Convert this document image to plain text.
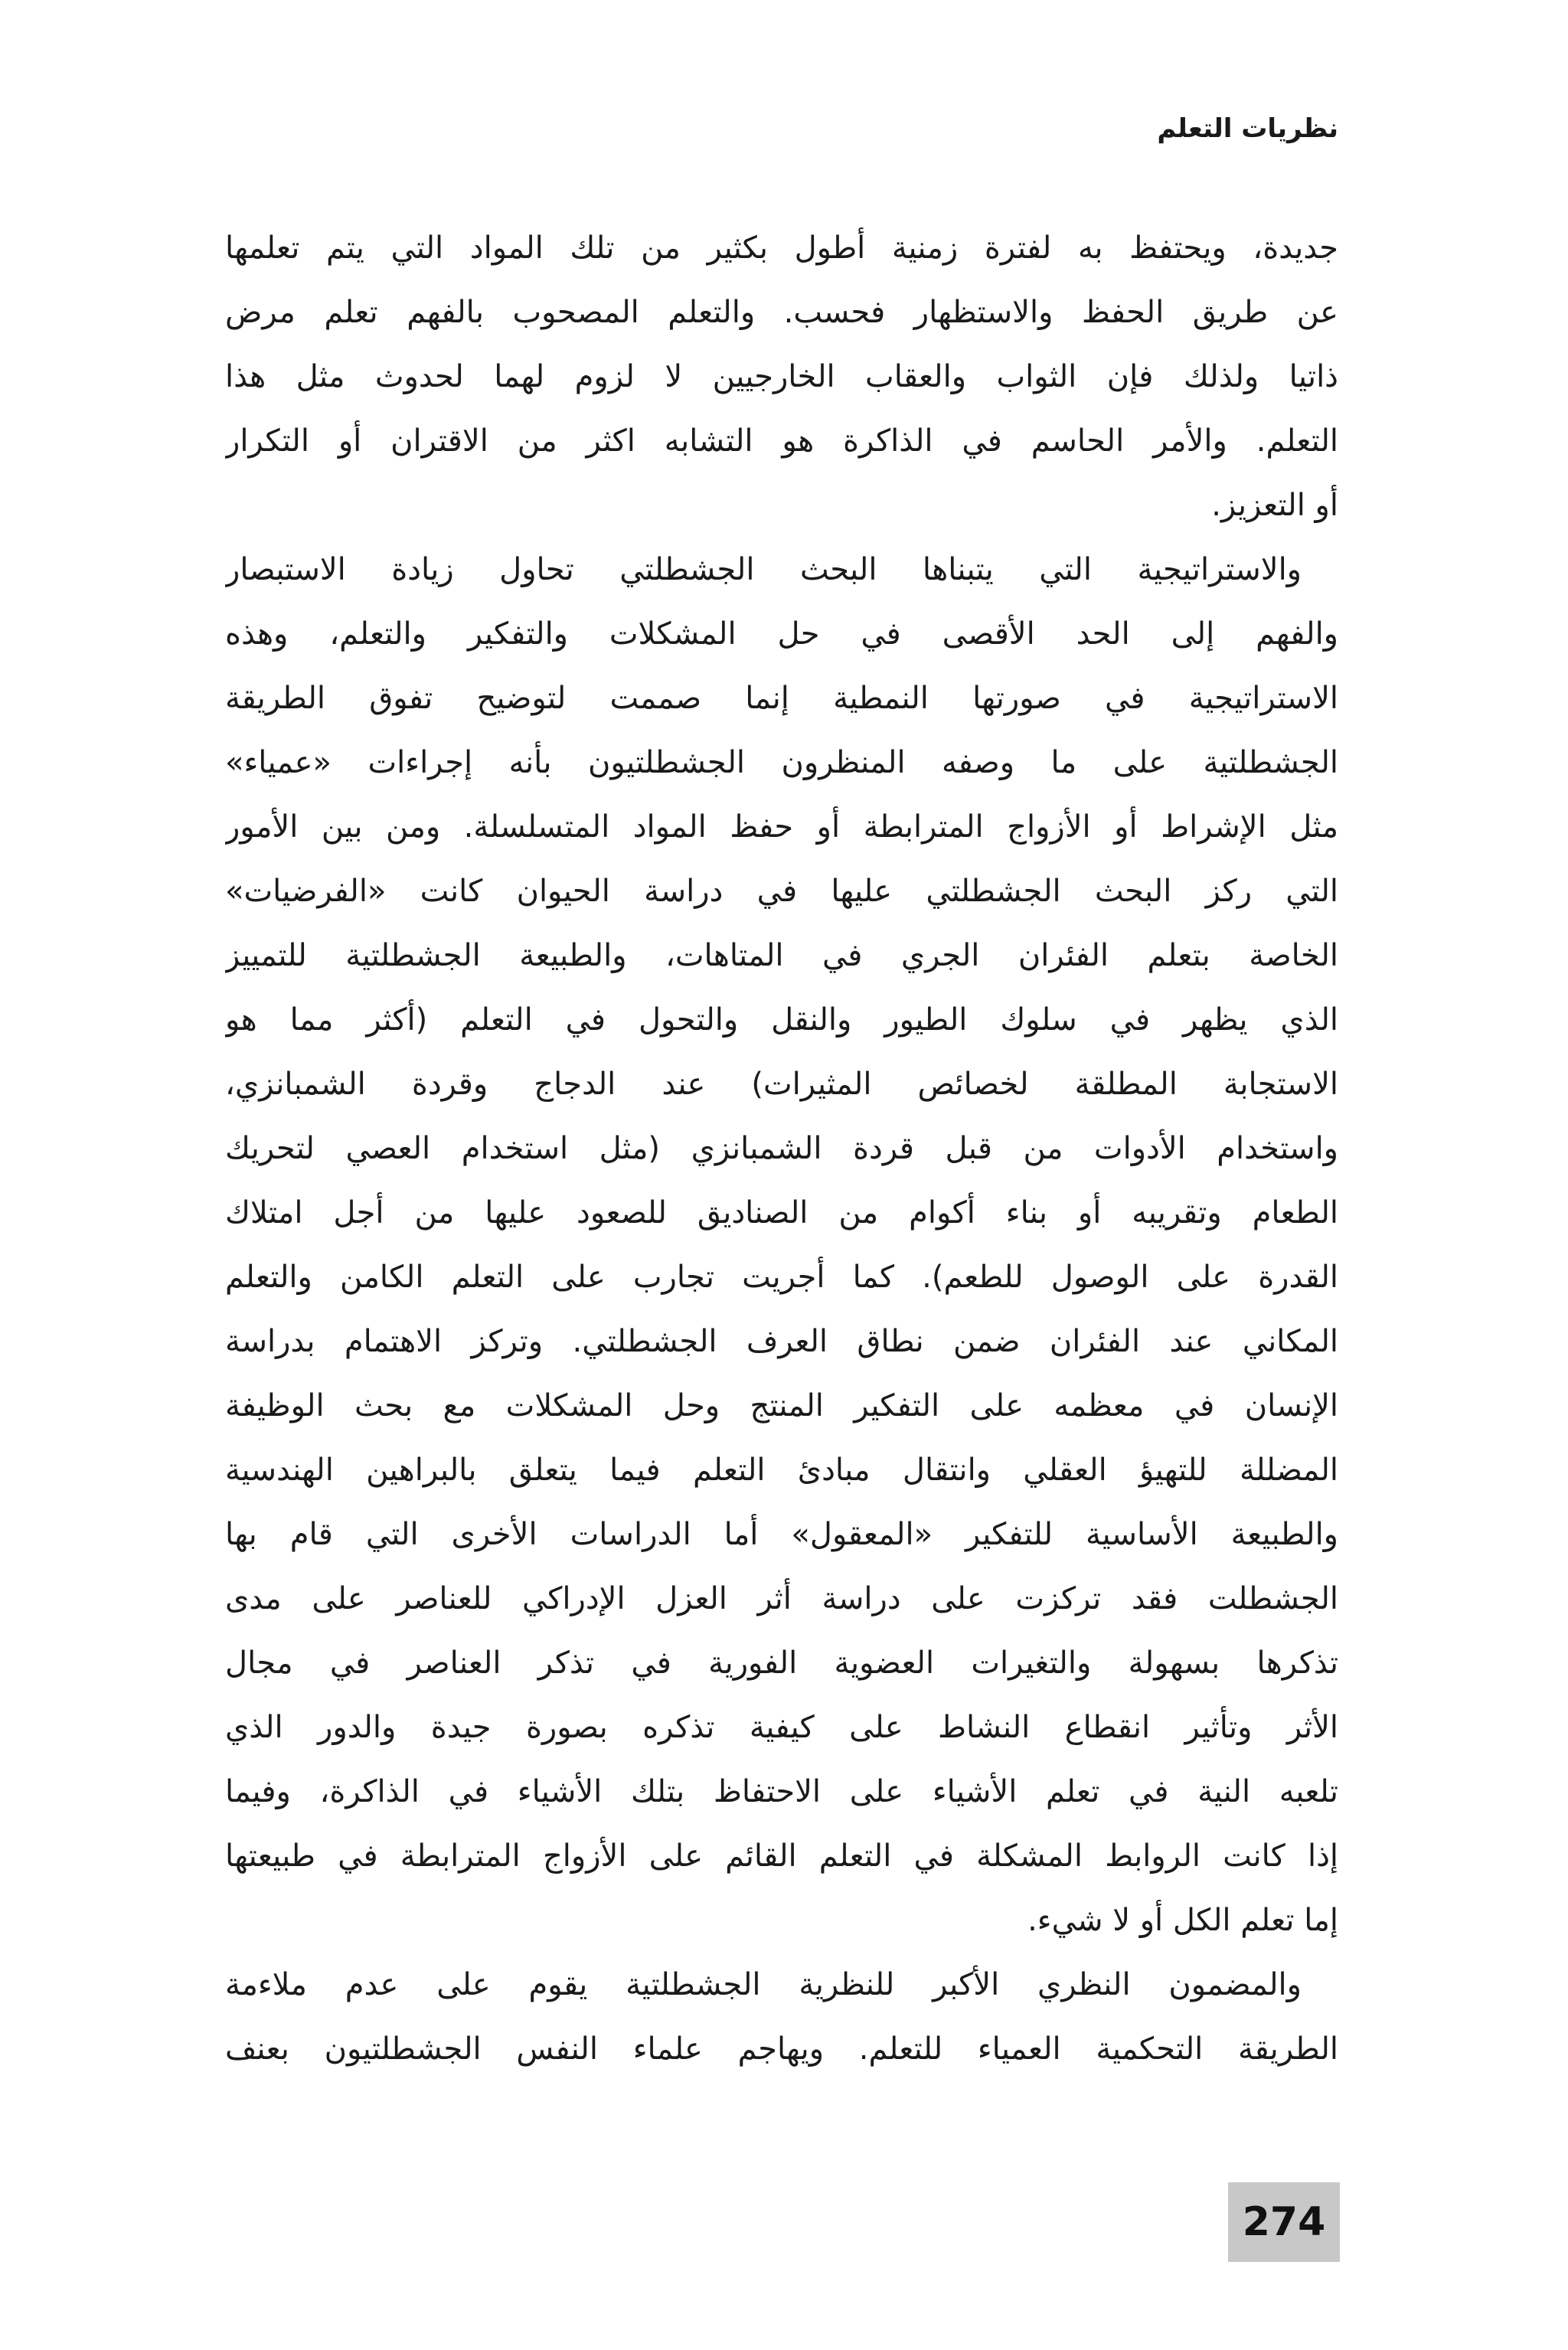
نظريات التعلم
جديدة، ويحتفظ به لفترة زمنية أطول بكثير من تلك المواد التي يتم تعلمها
عن طريق الحفظ والاستظهار فحسب. والتعلم المصحوب بالفهم تعلم مرض
ذاتيا ولذلك فإن الثواب والعقاب الخارجيين لا لزوم لهما لحدوث مثل هذا
التعلم. والأمر الحاسم في الذاكرة هو التشابه اكثر من الاقتران أو التكرار
أو التعزيز.
والاستراتيجية التي يتبناها البحث الجشطلتي تحاول زيادة الاستبصار
والفهم إلى الحد الأقصى في حل المشكلات والتفكير والتعلم، وهذه
الاستراتيجية في صورتها النمطية إنما صممت لتوضيح تفوق الطريقة
الجشطلتية على ما وصفه المنظرون الجشطلتيون بأنه إجراءات «عمياء»
مثل الإشراط أو الأزواج المترابطة أو حفظ المواد المتسلسلة. ومن بين الأمور
التي ركز البحث الجشطلتي عليها في دراسة الحيوان كانت «الفرضيات»
الخاصة بتعلم الفئران الجري في المتاهات، والطبيعة الجشطلتية للتمييز
الذي يظهر في سلوك الطيور والنقل والتحول في التعلم (أكثر مما هو
الاستجابة المطلقة لخصائص المثيرات) عند الدجاج وقردة الشمبانزي،
واستخدام الأدوات من قبل قردة الشمبانزي (مثل استخدام العصي لتحريك
الطعام وتقريبه أو بناء أكوام من الصناديق للصعود عليها من أجل امتلاك
القدرة على الوصول للطعم). كما أجريت تجارب على التعلم الكامن والتعلم
المكاني عند الفئران ضمن نطاق العرف الجشطلتي. وتركز الاهتمام بدراسة
الإنسان في معظمه على التفكير المنتج وحل المشكلات مع بحث الوظيفة
المضللة للتهيؤ العقلي وانتقال مبادئ التعلم فيما يتعلق بالبراهين الهندسية
والطبيعة الأساسية للتفكير «المعقول» أما الدراسات الأخرى التي قام بها
الجشطلت فقد تركزت على دراسة أثر العزل الإدراكي للعناصر على مدى
تذكرها بسهولة والتغيرات العضوية الفورية في تذكر العناصر في مجال
الأثر وتأثير انقطاع النشاط على كيفية تذكره بصورة جيدة والدور الذي
تلعبه النية في تعلم الأشياء على الاحتفاظ بتلك الأشياء في الذاكرة، وفيما
إذا كانت الروابط المشكلة في التعلم القائم على الأزواج المترابطة في طبيعتها
إما تعلم الكل أو لا شيء.
والمضمون النظري الأكبر للنظرية الجشطلتية يقوم على عدم ملاءمة
الطريقة التحكمية العمياء للتعلم. ويهاجم علماء النفس الجشطلتيون بعنف
274
